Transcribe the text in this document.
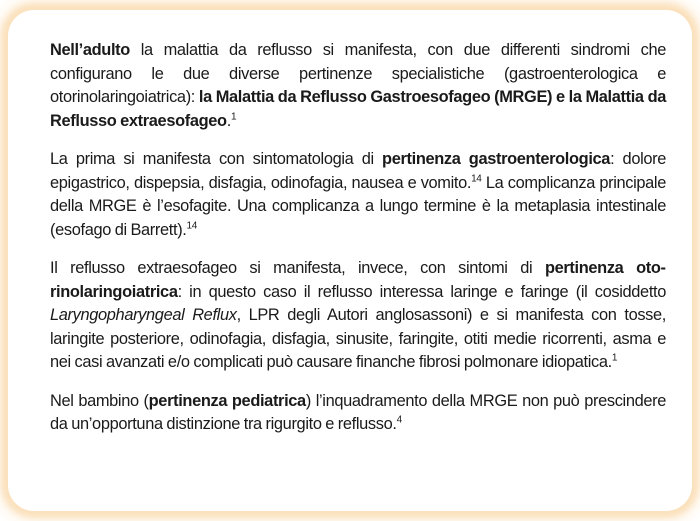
Nell’adulto la malattia da reflusso si manifesta, con due differenti sindromi che configurano le due diverse pertinenze specialistiche (gastroenterologica e otorinolaringoiatrica): la Malattia da Reflusso Gastroesofageo (MRGE) e la Malattia da Reflusso extraesofageo.$^1$

La prima si manifesta con sintomatologia di pertinenza gastroenterologica: dolore epigastrico, dispepsia, disfagia, odinofagia, nausea e vomito.$^{14}$ La complicanza principale della MRGE è l’esofagite. Una complicanza a lungo termine è la metaplasia intestinale (esofago di Barrett).$^{14}$

Il reflusso extraesofageo si manifesta, invece, con sintomi di pertinenza otorinolaringoiatrica: in questo caso il reflusso interessa laringe e faringe (il cosiddetto Laryngopharyngeal Reflux, LPR degli Autori anglosassoni) e si manifesta con tosse, laringite posteriore, odinofagia, disfagia, sinusite, faringite, otiti medie ricorrenti, asma e nei casi avanzati e/o complicati può causare finanche fibrosi polmonare idiopatica.$^1$

Nel bambino (pertinenza pediatrica) l’inquadramento della MRGE non può prescindere da un’opportuna distinzione tra rigurgito e reflusso.$^4$
